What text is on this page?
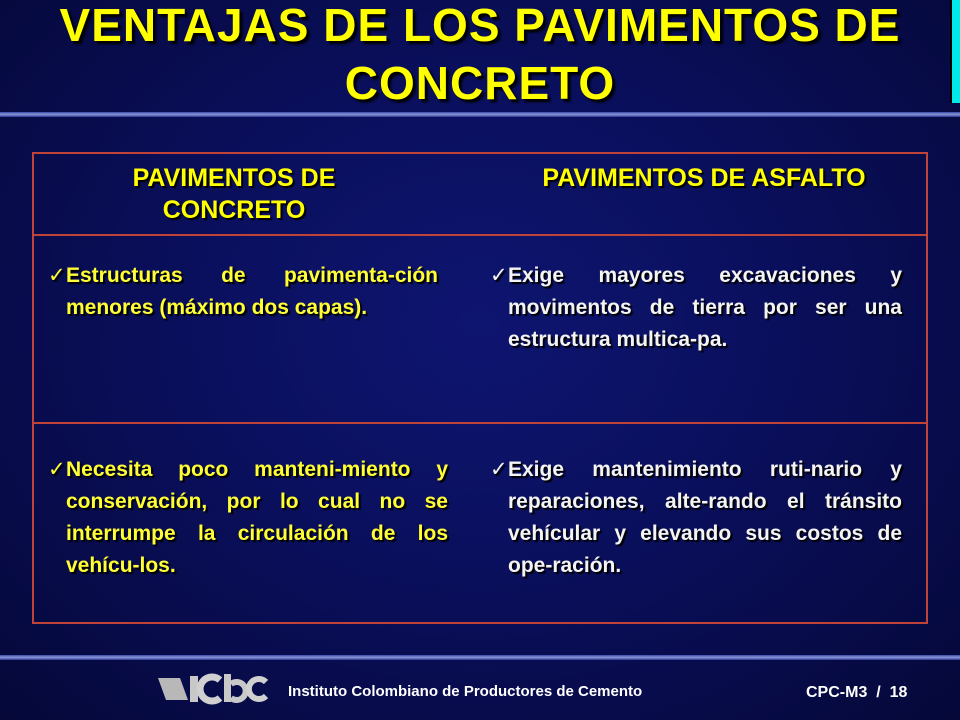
VENTAJAS DE LOS PAVIMENTOS DE CONCRETO
PAVIMENTOS DE CONCRETO
PAVIMENTOS DE ASFALTO
✓Estructuras de pavimenta-ción menores (máximo dos capas).
✓Exige mayores excavaciones y movimentos de tierra por ser una estructura multica-pa.
✓Necesita poco manteni-miento y conservación, por lo cual no se interrumpe la circulación de los vehícu-los.
✓Exige mantenimiento ruti-nario y reparaciones, alte-rando el tránsito vehícular y elevando sus costos de ope-ración.
Instituto Colombiano de Productores de Cemento	CPC-M3  /  18
